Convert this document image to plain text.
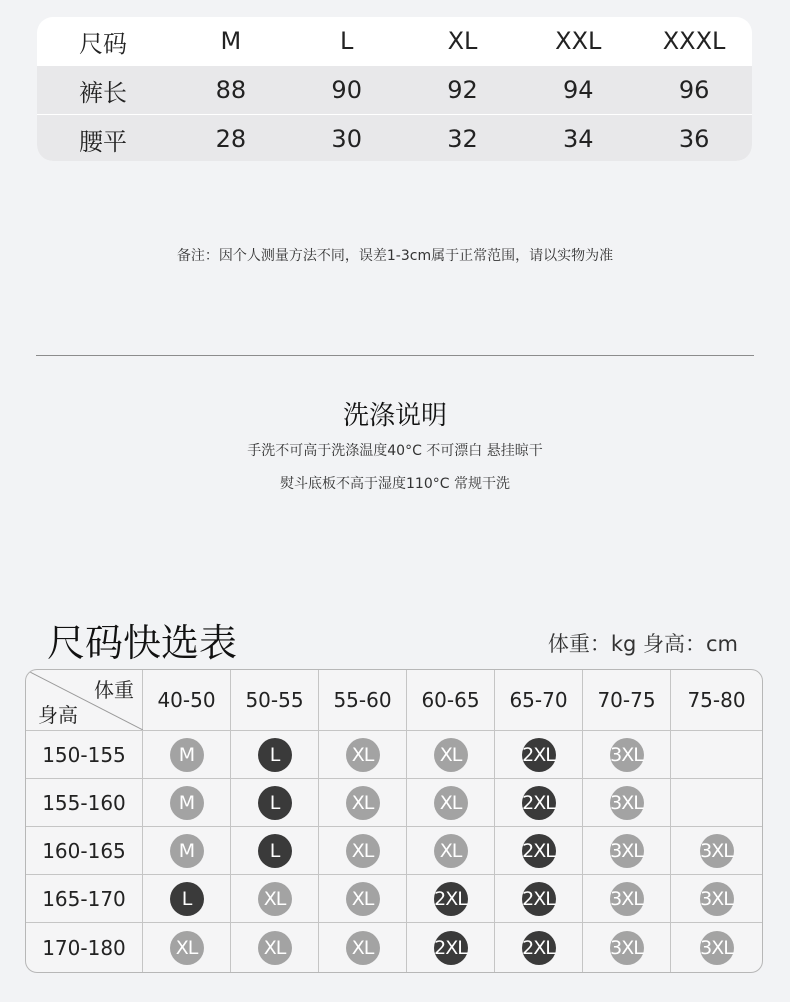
尺码	M	L	XL	XXL	XXXL
裤长	88	90	92	94	96
腰平	28	30	32	34	36
备注：因个人测量方法不同，误差1-3cm属于正常范围，请以实物为准
洗涤说明
手洗不可高于洗涤温度40°C 不可漂白 悬挂晾干
熨斗底板不高于湿度110°C 常规干洗
尺码快选表	体重：kg 身高：cm
体重
身高
40-50	50-55	55-60	60-65	65-70	70-75	75-80
150-155	M	L	XL	XL	2XL	3XL
155-160	M	L	XL	XL	2XL	3XL
160-165	M	L	XL	XL	2XL	3XL	3XL
165-170	L	XL	XL	2XL	2XL	3XL	3XL
170-180	XL	XL	XL	2XL	2XL	3XL	3XL
